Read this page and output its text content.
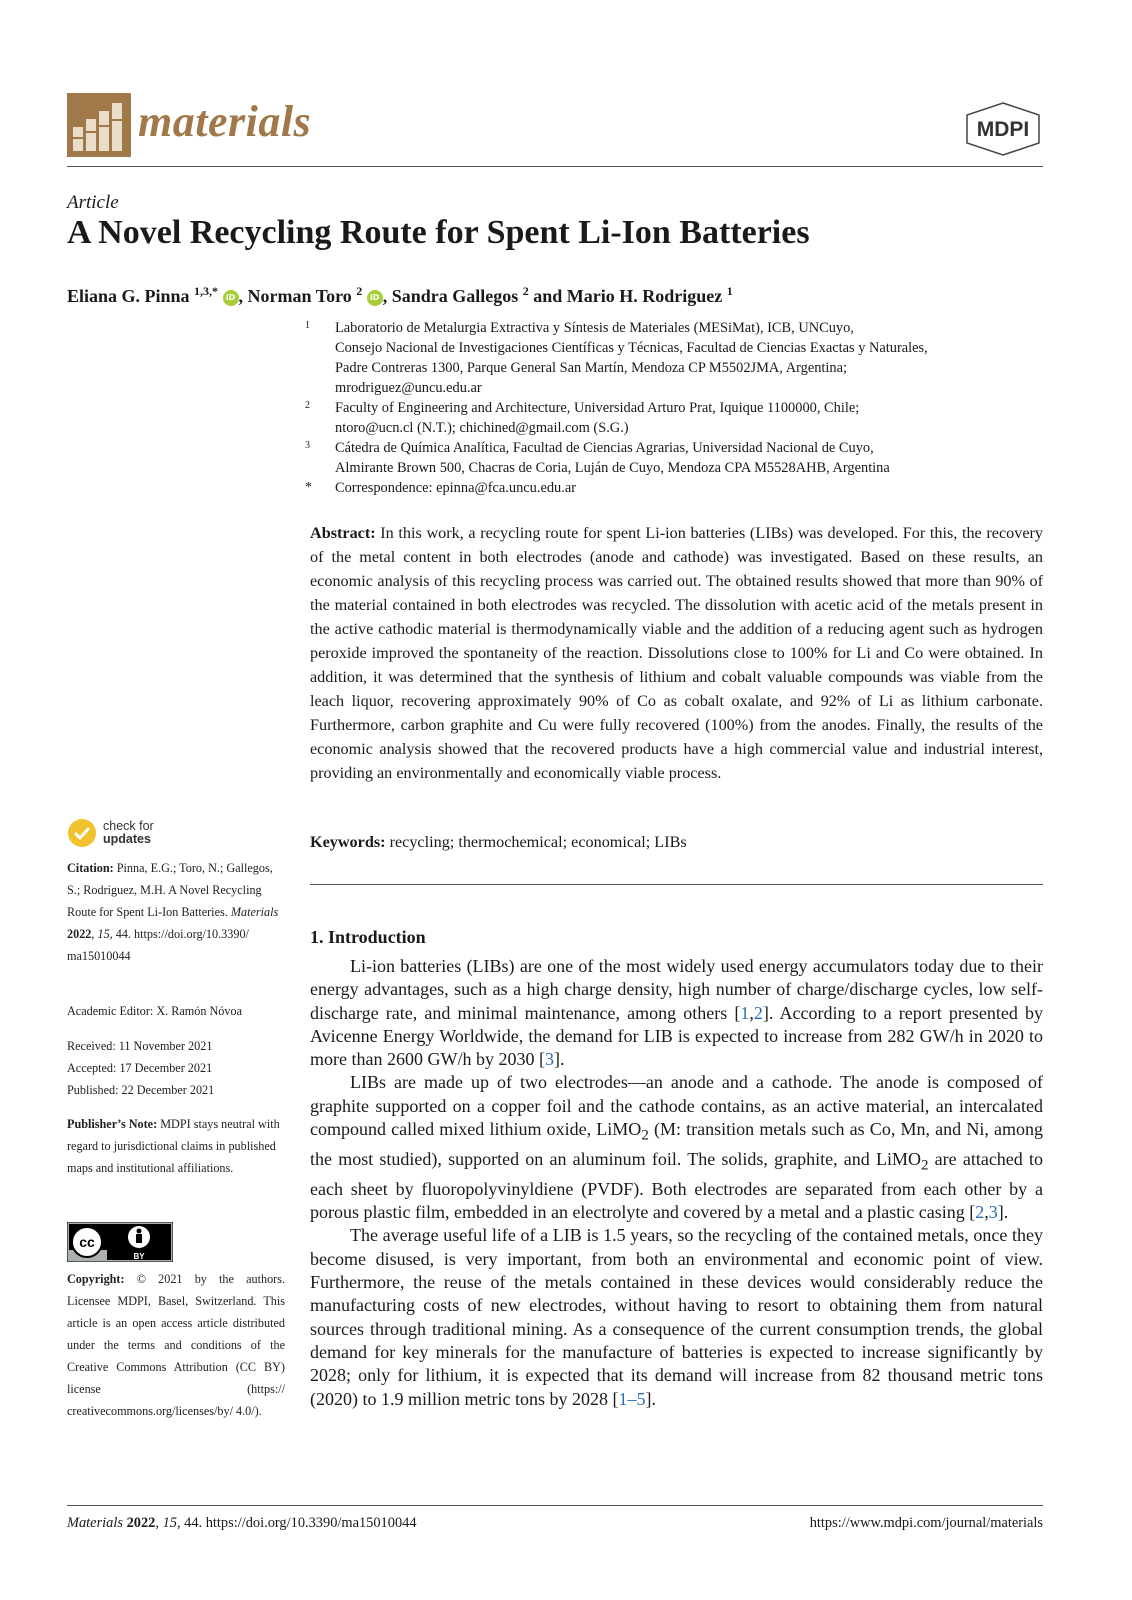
materials	MDPI
Article
A Novel Recycling Route for Spent Li-Ion Batteries
Eliana G. Pinna $^{1,3,*}$ iD , Norman Toro $^2$ iD , Sandra Gallegos $^2$ and Mario H. Rodriguez $^1$
1	Laboratorio de Metalurgia Extractiva y Síntesis de Materiales (MESiMat), ICB, UNCuyo,
Consejo Nacional de Investigaciones Científicas y Técnicas, Facultad de Ciencias Exactas y Naturales,
Padre Contreras 1300, Parque General San Martín, Mendoza CP M5502JMA, Argentina;
mrodriguez@uncu.edu.ar
2	Faculty of Engineering and Architecture, Universidad Arturo Prat, Iquique 1100000, Chile;
ntoro@ucn.cl (N.T.); chichined@gmail.com (S.G.)
3	Cátedra de Química Analítica, Facultad de Ciencias Agrarias, Universidad Nacional de Cuyo,
Almirante Brown 500, Chacras de Coria, Luján de Cuyo, Mendoza CPA M5528AHB, Argentina
*	Correspondence: epinna@fca.uncu.edu.ar
Abstract: In this work, a recycling route for spent Li-ion batteries (LIBs) was developed. For this, the recovery of the metal content in both electrodes (anode and cathode) was investigated. Based on these results, an economic analysis of this recycling process was carried out. The obtained results showed that more than 90% of the material contained in both electrodes was recycled. The dissolution with acetic acid of the metals present in the active cathodic material is thermodynamically viable and the addition of a reducing agent such as hydrogen peroxide improved the spontaneity of the reaction. Dissolutions close to 100% for Li and Co were obtained. In addition, it was determined that the synthesis of lithium and cobalt valuable compounds was viable from the leach liquor, recovering approximately 90% of Co as cobalt oxalate, and 92% of Li as lithium carbonate. Furthermore, carbon graphite and Cu were fully recovered (100%) from the anodes. Finally, the results of the economic analysis showed that the recovered products have a high commercial value and industrial interest, providing an environmentally and economically viable process.
Keywords: recycling; thermochemical; economical; LIBs
1. Introduction

Li-ion batteries (LIBs) are one of the most widely used energy accumulators today due to their energy advantages, such as a high charge density, high number of charge/discharge cycles, low self-discharge rate, and minimal maintenance, among others [1,2]. According to a report presented by Avicenne Energy Worldwide, the demand for LIB is expected to increase from 282 GW/h in 2020 to more than 2600 GW/h by 2030 [3].

LIBs are made up of two electrodes—an anode and a cathode. The anode is composed of graphite supported on a copper foil and the cathode contains, as an active material, an intercalated compound called mixed lithium oxide, LiMO$_2$ (M: transition metals such as Co, Mn, and Ni, among the most studied), supported on an aluminum foil. The solids, graphite, and LiMO$_2$ are attached to each sheet by fluoropolyvinyldiene (PVDF). Both electrodes are separated from each other by a porous plastic film, embedded in an electrolyte and covered by a metal and a plastic casing [2,3].

The average useful life of a LIB is 1.5 years, so the recycling of the contained metals, once they become disused, is very important, from both an environmental and economic point of view. Furthermore, the reuse of the metals contained in these devices would considerably reduce the manufacturing costs of new electrodes, without having to resort to obtaining them from natural sources through traditional mining. As a consequence of the current consumption trends, the global demand for key minerals for the manufacture of batteries is expected to increase significantly by 2028; only for lithium, it is expected that its demand will increase from 82 thousand metric tons (2020) to 1.9 million metric tons by 2028 [1–5].

check for
updates
Citation: Pinna, E.G.; Toro, N.; Gallegos, S.; Rodriguez, M.H. A Novel Recycling Route for Spent Li-Ion Batteries. Materials 2022, 15, 44. https://doi.org/10.3390/ ma15010044
Academic Editor: X. Ramón Nóvoa
Received: 11 November 2021
Accepted: 17 December 2021
Published: 22 December 2021
Publisher’s Note: MDPI stays neutral with regard to jurisdictional claims in published maps and institutional affiliations.
cc
BY
Copyright: © 2021 by the authors. Licensee MDPI, Basel, Switzerland. This article is an open access article distributed under the terms and conditions of the Creative Commons Attribution (CC BY) license (https:// creativecommons.org/licenses/by/ 4.0/).
Materials 2022, 15, 44. https://doi.org/10.3390/ma15010044	https://www.mdpi.com/journal/materials
